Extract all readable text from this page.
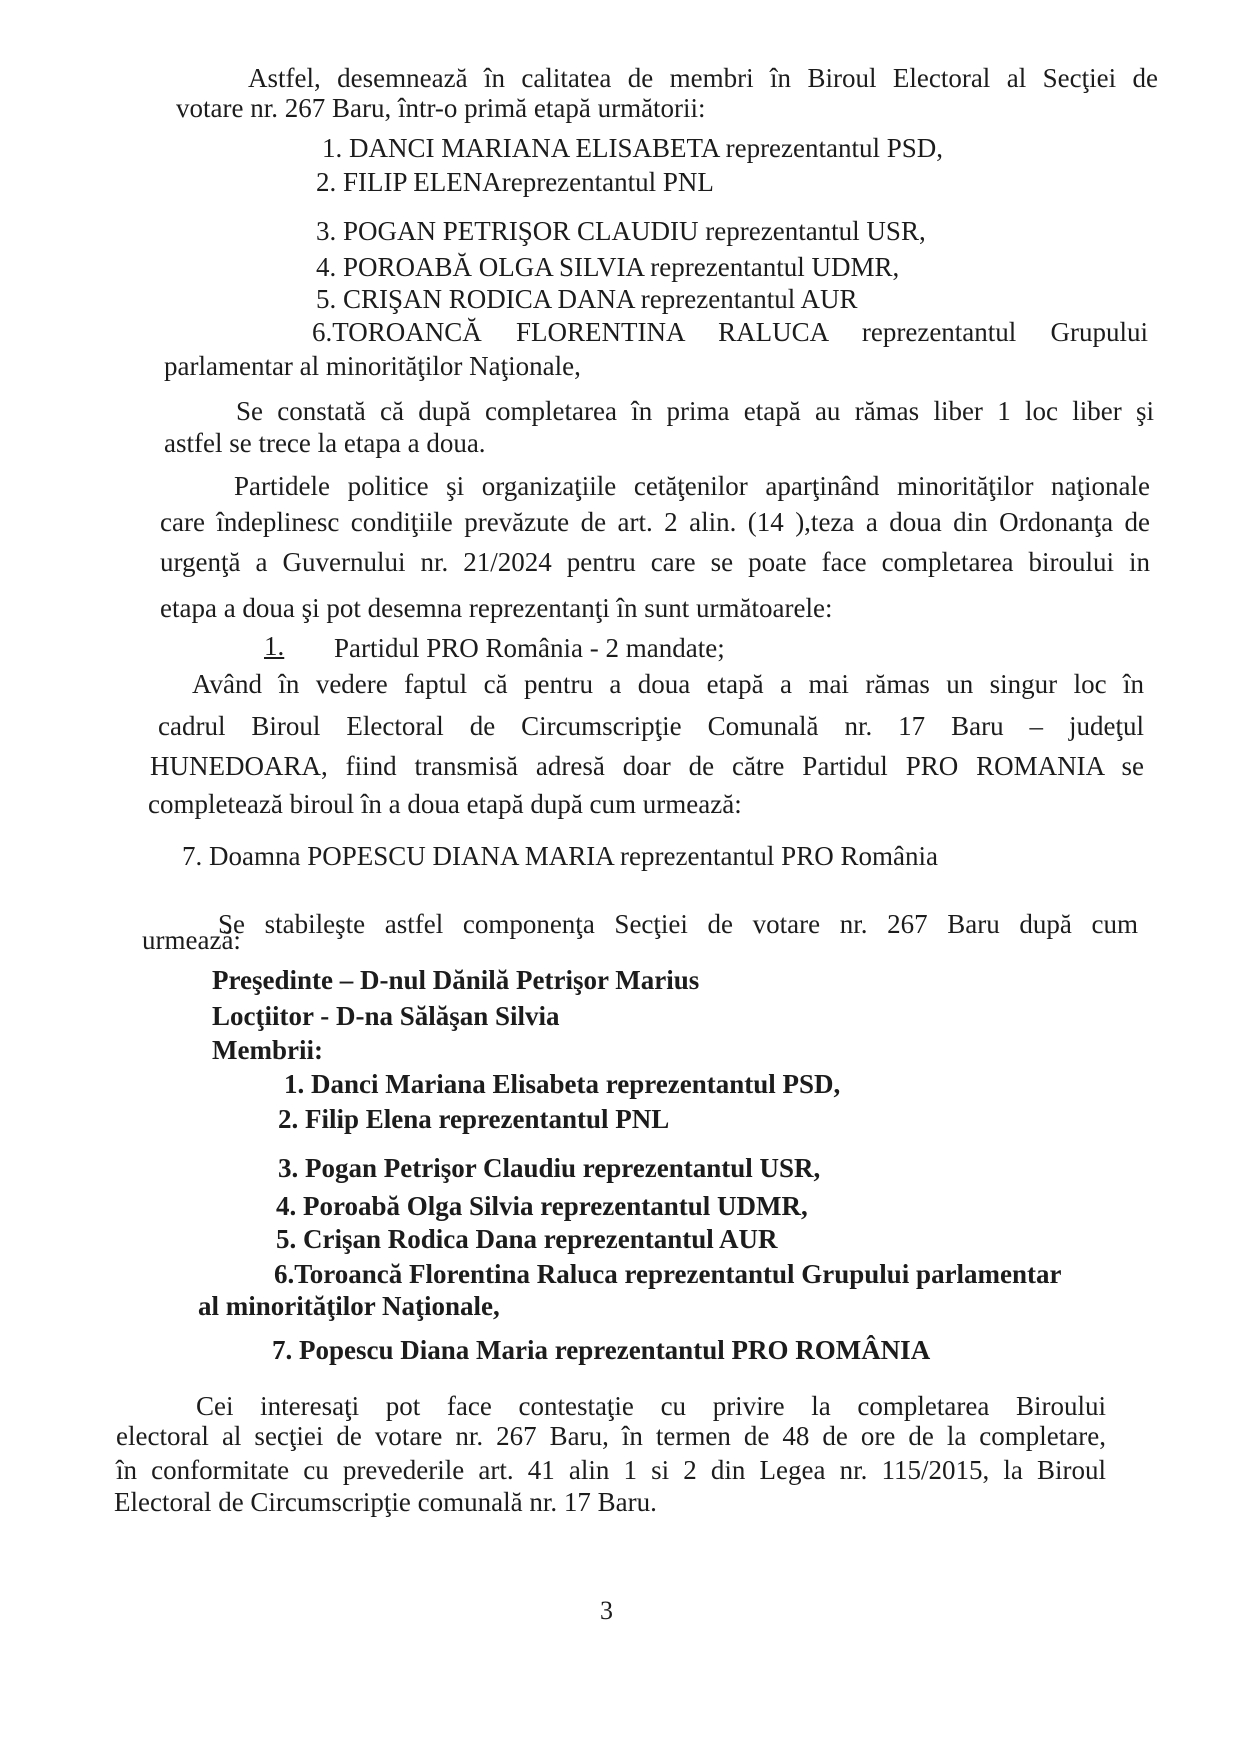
Astfel, desemnează în calitatea de membri în Biroul Electoral al Secţiei de
votare nr. 267 Baru, într-o primă etapă următorii:
1. DANCI MARIANA ELISABETA reprezentantul PSD,
2. FILIP ELENAreprezentantul PNL
3. POGAN PETRIŞOR CLAUDIU reprezentantul USR,
4. POROABĂ OLGA SILVIA reprezentantul UDMR,
5. CRIŞAN RODICA DANA reprezentantul AUR
6.TOROANCĂ FLORENTINA RALUCA reprezentantul Grupului
parlamentar al minorităţilor Naţionale,
Se constată că după completarea în prima etapă au rămas liber 1 loc liber şi
astfel se trece la etapa a doua.
Partidele politice şi organizaţiile cetăţenilor aparţinând minorităţilor naţionale
care îndeplinesc condiţiile prevăzute de art. 2 alin. (14 ),teza a doua din Ordonanţa de
urgenţă a Guvernului nr. 21/2024 pentru care se poate face completarea biroului in
etapa a doua şi pot desemna reprezentanţi în sunt următoarele:
1. Partidul PRO România - 2 mandate;
Având în vedere faptul că pentru a doua etapă a mai rămas un singur loc în
cadrul Biroul Electoral de Circumscripţie Comunală nr. 17 Baru – judeţul
HUNEDOARA, fiind transmisă adresă doar de către Partidul PRO ROMANIA se
completează biroul în a doua etapă după cum urmează:
7. Doamna POPESCU DIANA MARIA reprezentantul PRO România
Se stabileşte astfel componenţa Secţiei de votare nr. 267 Baru după cum
urmează:
Preşedinte – D-nul Dănilă Petrişor Marius
Locţiitor - D-na Sălăşan Silvia
Membrii:
1. Danci Mariana Elisabeta reprezentantul PSD,
2. Filip Elena reprezentantul PNL
3. Pogan Petrişor Claudiu reprezentantul USR,
4. Poroabă Olga Silvia reprezentantul UDMR,
5. Crişan Rodica Dana reprezentantul AUR
6.Toroancă Florentina Raluca reprezentantul Grupului parlamentar
al minorităţilor Naţionale,
7. Popescu Diana Maria reprezentantul PRO ROMÂNIA
Cei interesaţi pot face contestaţie cu privire la completarea Biroului
electoral al secţiei de votare nr. 267 Baru, în termen de 48 de ore de la completare,
în conformitate cu prevederile art. 41 alin 1 si 2 din Legea nr. 115/2015, la Biroul
Electoral de Circumscripţie comunală nr. 17 Baru.
3
